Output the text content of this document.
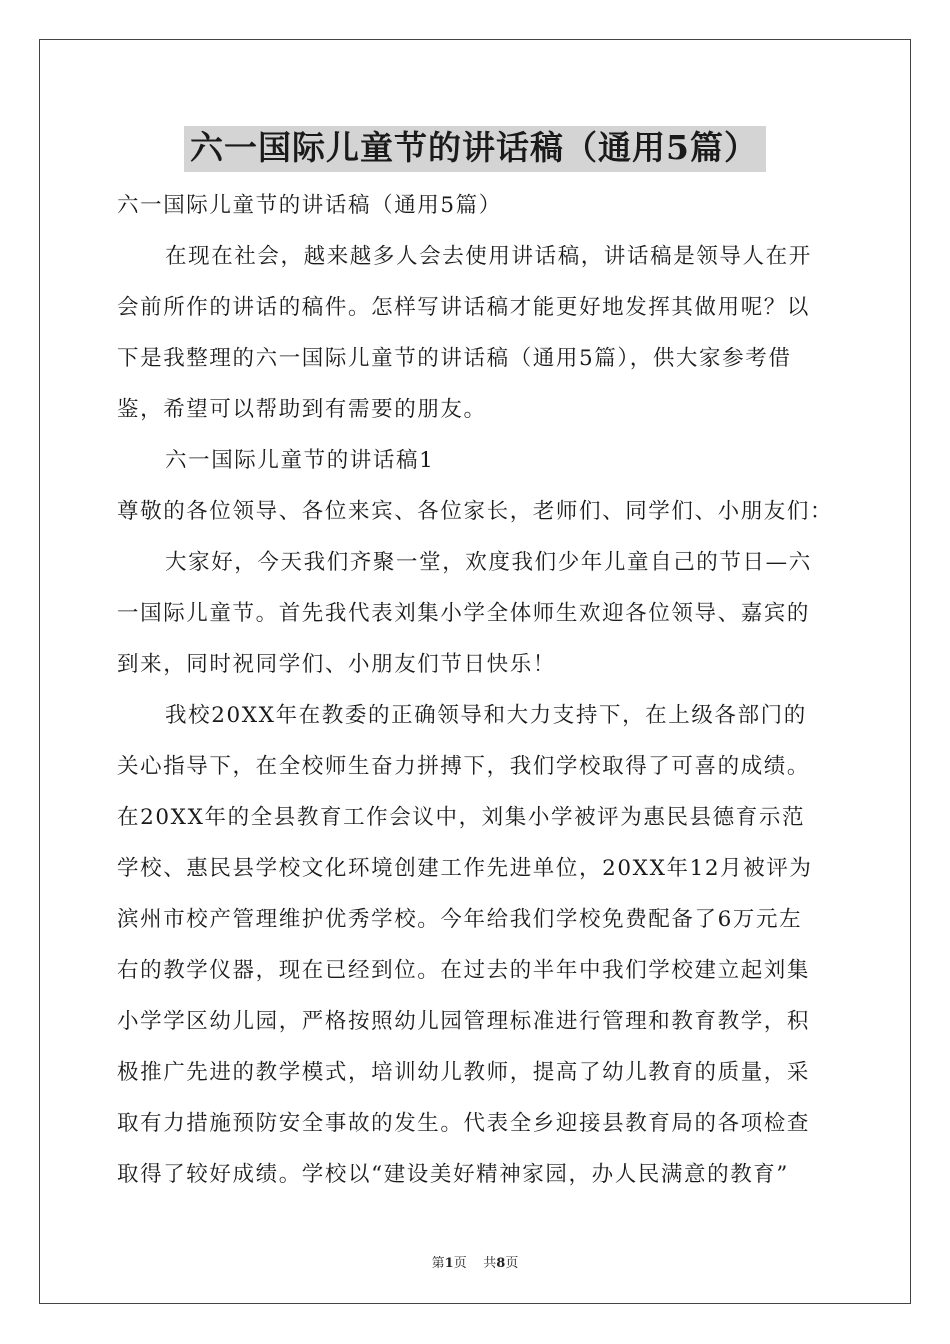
六一国际儿童节的讲话稿（通用5篇）

六一国际儿童节的讲话稿（通用5篇）

在现在社会，越来越多人会去使用讲话稿，讲话稿是领导人在开

会前所作的讲话的稿件。怎样写讲话稿才能更好地发挥其做用呢？以

下是我整理的六一国际儿童节的讲话稿（通用5篇），供大家参考借

鉴，希望可以帮助到有需要的朋友。

六一国际儿童节的讲话稿1

尊敬的各位领导、各位来宾、各位家长，老师们、同学们、小朋友们：

大家好，今天我们齐聚一堂，欢度我们少年儿童自己的节日—六

一国际儿童节。首先我代表刘集小学全体师生欢迎各位领导、嘉宾的

到来，同时祝同学们、小朋友们节日快乐！

我校20XX年在教委的正确领导和大力支持下，在上级各部门的

关心指导下，在全校师生奋力拼搏下，我们学校取得了可喜的成绩。

在20XX年的全县教育工作会议中，刘集小学被评为惠民县德育示范

学校、惠民县学校文化环境创建工作先进单位，20XX年12月被评为

滨州市校产管理维护优秀学校。今年给我们学校免费配备了6万元左

右的教学仪器，现在已经到位。在过去的半年中我们学校建立起刘集

小学学区幼儿园，严格按照幼儿园管理标准进行管理和教育教学，积

极推广先进的教学模式，培训幼儿教师，提高了幼儿教育的质量，采

取有力措施预防安全事故的发生。代表全乡迎接县教育局的各项检查

取得了较好成绩。学校以“建设美好精神家园，办人民满意的教育”

第1页 共8页
